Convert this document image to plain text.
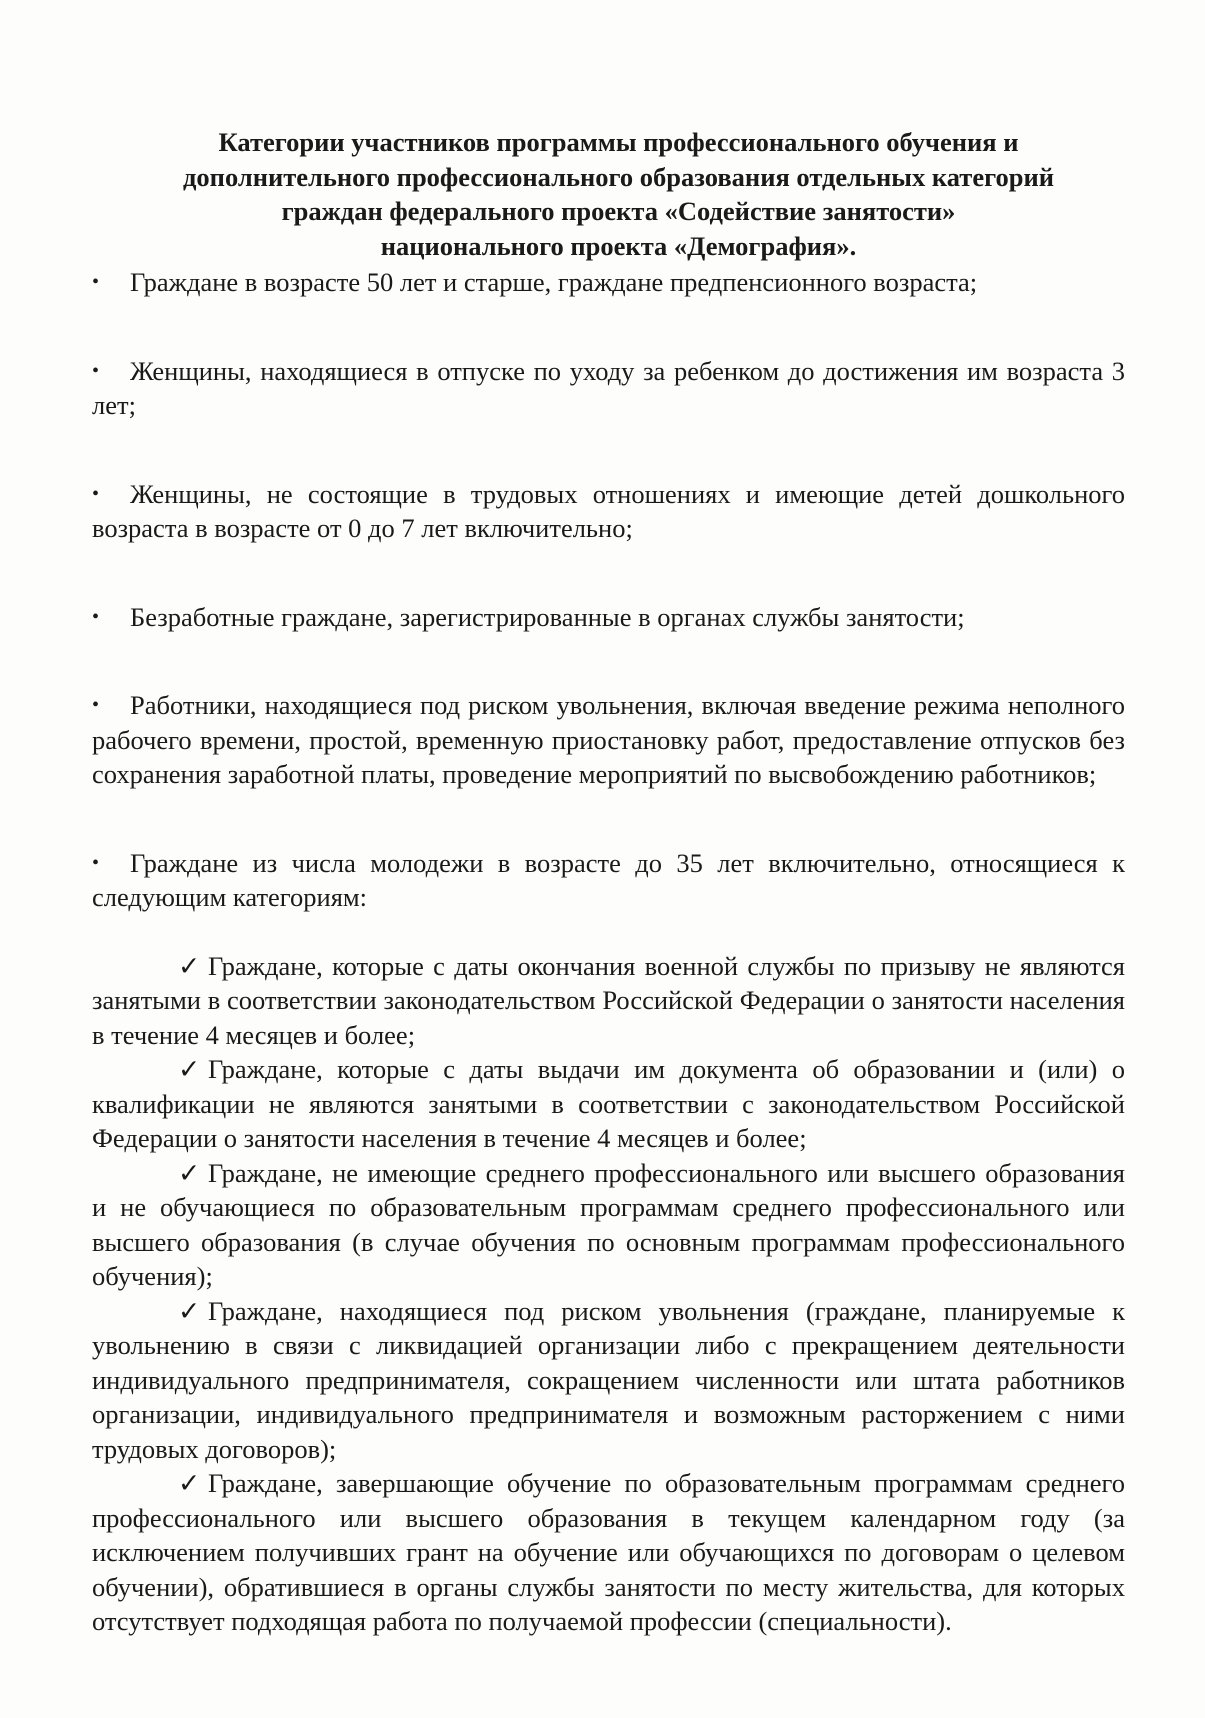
Категории участников программы профессионального обучения и
дополнительного профессионального образования отдельных категорий
граждан федерального проекта «Содействие занятости»
национального проекта «Демография».
• Граждане в возрасте 50 лет и старше, граждане предпенсионного возраста;
• Женщины, находящиеся в отпуске по уходу за ребенком до достижения им возраста 3 лет;
• Женщины, не состоящие в трудовых отношениях и имеющие детей дошкольного возраста в возрасте от 0 до 7 лет включительно;
• Безработные граждане, зарегистрированные в органах службы занятости;
• Работники, находящиеся под риском увольнения, включая введение режима неполного рабочего времени, простой, временную приостановку работ, предоставление отпусков без сохранения заработной платы, проведение мероприятий по высвобождению работников;
• Граждане из числа молодежи в возрасте до 35 лет включительно, относящиеся к следующим категориям:
✓ Граждане, которые с даты окончания военной службы по призыву не являются занятыми в соответствии законодательством Российской Федерации о занятости населения в течение 4 месяцев и более;
✓ Граждане, которые с даты выдачи им документа об образовании и (или) о квалификации не являются занятыми в соответствии с законодательством Российской Федерации о занятости населения в течение 4 месяцев и более;
✓ Граждане, не имеющие среднего профессионального или высшего образования и не обучающиеся по образовательным программам среднего профессионального или высшего образования (в случае обучения по основным программам профессионального обучения);
✓ Граждане, находящиеся под риском увольнения (граждане, планируемые к увольнению в связи с ликвидацией организации либо с прекращением деятельности индивидуального предпринимателя, сокращением численности или штата работников организации, индивидуального предпринимателя и возможным расторжением с ними трудовых договоров);
✓ Граждане, завершающие обучение по образовательным программам среднего профессионального или высшего образования в текущем календарном году (за исключением получивших грант на обучение или обучающихся по договорам о целевом обучении), обратившиеся в органы службы занятости по месту жительства, для которых отсутствует подходящая работа по получаемой профессии (специальности).
